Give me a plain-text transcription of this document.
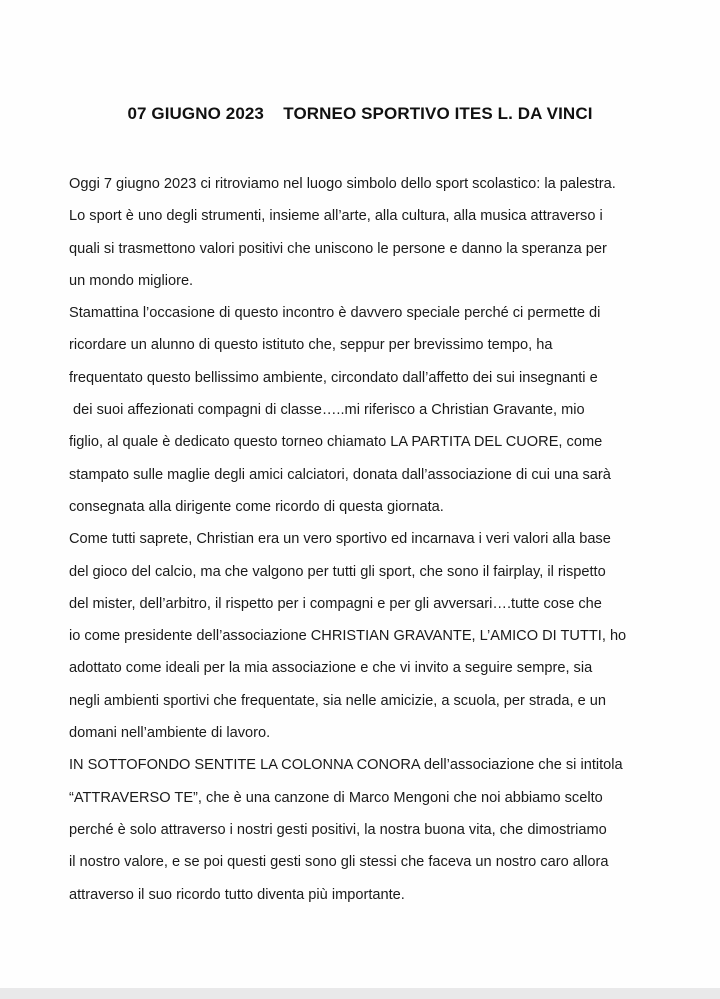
07 GIUGNO 2023    TORNEO SPORTIVO ITES L. DA VINCI
Oggi 7 giugno 2023 ci ritroviamo nel luogo simbolo dello sport scolastico: la palestra.
Lo sport è uno degli strumenti, insieme all’arte, alla cultura, alla musica attraverso i
quali si trasmettono valori positivi che uniscono le persone e danno la speranza per
un mondo migliore.
Stamattina l’occasione di questo incontro è davvero speciale perché ci permette di
ricordare un alunno di questo istituto che, seppur per brevissimo tempo, ha
frequentato questo bellissimo ambiente, circondato dall’affetto dei sui insegnanti e
dei suoi affezionati compagni di classe…..mi riferisco a Christian Gravante, mio
figlio, al quale è dedicato questo torneo chiamato LA PARTITA DEL CUORE, come
stampato sulle maglie degli amici calciatori, donata dall’associazione di cui una sarà
consegnata alla dirigente come ricordo di questa giornata.
Come tutti saprete, Christian era un vero sportivo ed incarnava i veri valori alla base
del gioco del calcio, ma che valgono per tutti gli sport, che sono il fairplay, il rispetto
del mister, dell’arbitro, il rispetto per i compagni e per gli avversari….tutte cose che
io come presidente dell’associazione CHRISTIAN GRAVANTE, L’AMICO DI TUTTI, ho
adottato come ideali per la mia associazione e che vi invito a seguire sempre, sia
negli ambienti sportivi che frequentate, sia nelle amicizie, a scuola, per strada, e un
domani nell’ambiente di lavoro.
IN SOTTOFONDO SENTITE LA COLONNA CONORA dell’associazione che si intitola
“ATTRAVERSO TE”, che è una canzone di Marco Mengoni che noi abbiamo scelto
perché è solo attraverso i nostri gesti positivi, la nostra buona vita, che dimostriamo
il nostro valore, e se poi questi gesti sono gli stessi che faceva un nostro caro allora
attraverso il suo ricordo tutto diventa più importante.
